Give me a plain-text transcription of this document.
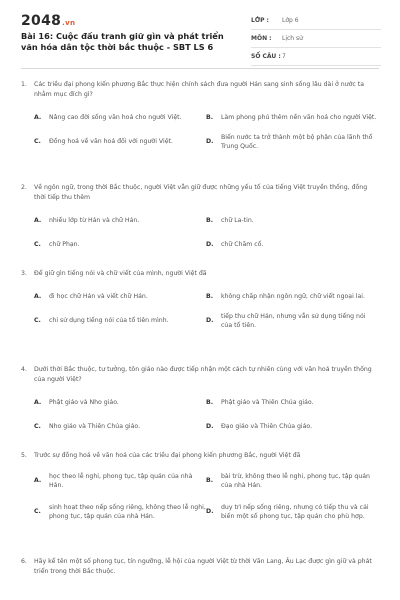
2048.vn
Bài 16: Cuộc đấu tranh giữ gìn và phát triển văn hóa dân tộc thời bắc thuộc - SBT LS 6
LỚP :	Lớp 6
MÔN :	Lịch sử
SỐ CÂU : 7
1.	Các triều đại phong kiến phương Bắc thực hiện chính sách đưa người Hán sang sinh sống lâu dài ở nước ta nhằm mục đích gì?
A.	Nâng cao đời sống văn hoá cho người Việt.	B.	Làm phong phú thêm nền văn hoá cho người Việt.
C.	Đồng hoá về văn hoá đối với người Việt.	D.
Biến nước ta trở thành một bộ phận của lãnh thổ Trung Quốc.
2.	Về ngôn ngữ, trong thời Bắc thuộc, người Việt vẫn giữ được những yếu tố của tiếng Việt truyền thống, đồng thời tiếp thu thêm
A.	nhiều lớp từ Hán và chữ Hán.	B.	chữ La-tin.
C.	chữ Phạn.	D.	chữ Chăm cổ.
3.	Để giữ gìn tiếng nói và chữ viết của mình, người Việt đã
A.	đi học chữ Hán và viết chữ Hán.	B.	không chấp nhận ngôn ngữ, chữ viết ngoại lai.
C.	chỉ sử dụng tiếng nói của tổ tiên mình.	D.
tiếp thu chữ Hán, nhưng vẫn sử dụng tiếng nói của tổ tiên.
4.	Dưới thời Bắc thuộc, tư tưởng, tôn giáo nào được tiếp nhận một cách tự nhiên cùng với văn hoá truyền thống của người Việt?
A.	Phật giáo và Nho giáo.	B.	Phật giáo và Thiên Chúa giáo.
C.	Nho giáo và Thiên Chúa giáo.	D.	Đạo giáo và Thiên Chúa giáo.
5.	Trước sự đồng hoá về văn hoá của các triều đại phong kiến phương Bắc, người Việt đã
A.
học theo lễ nghi, phong tục, tập quán của nhà Hán.
B.
bài trừ, không theo lễ nghi, phong tục, tập quán của nhà Hán.
C.
sinh hoạt theo nếp sống riêng, không theo lễ nghi, phong tục, tập quán của nhà Hán.
D.
duy trì nếp sống riêng, nhưng có tiếp thu và cải biến một số phong tục, tập quán cho phù hợp.
6.	Hãy kể tên một số phong tục, tín ngưỡng, lễ hội của người Việt từ thời Văn Lang, Âu Lạc được gìn giữ và phát triển trong thời Bắc thuộc.
